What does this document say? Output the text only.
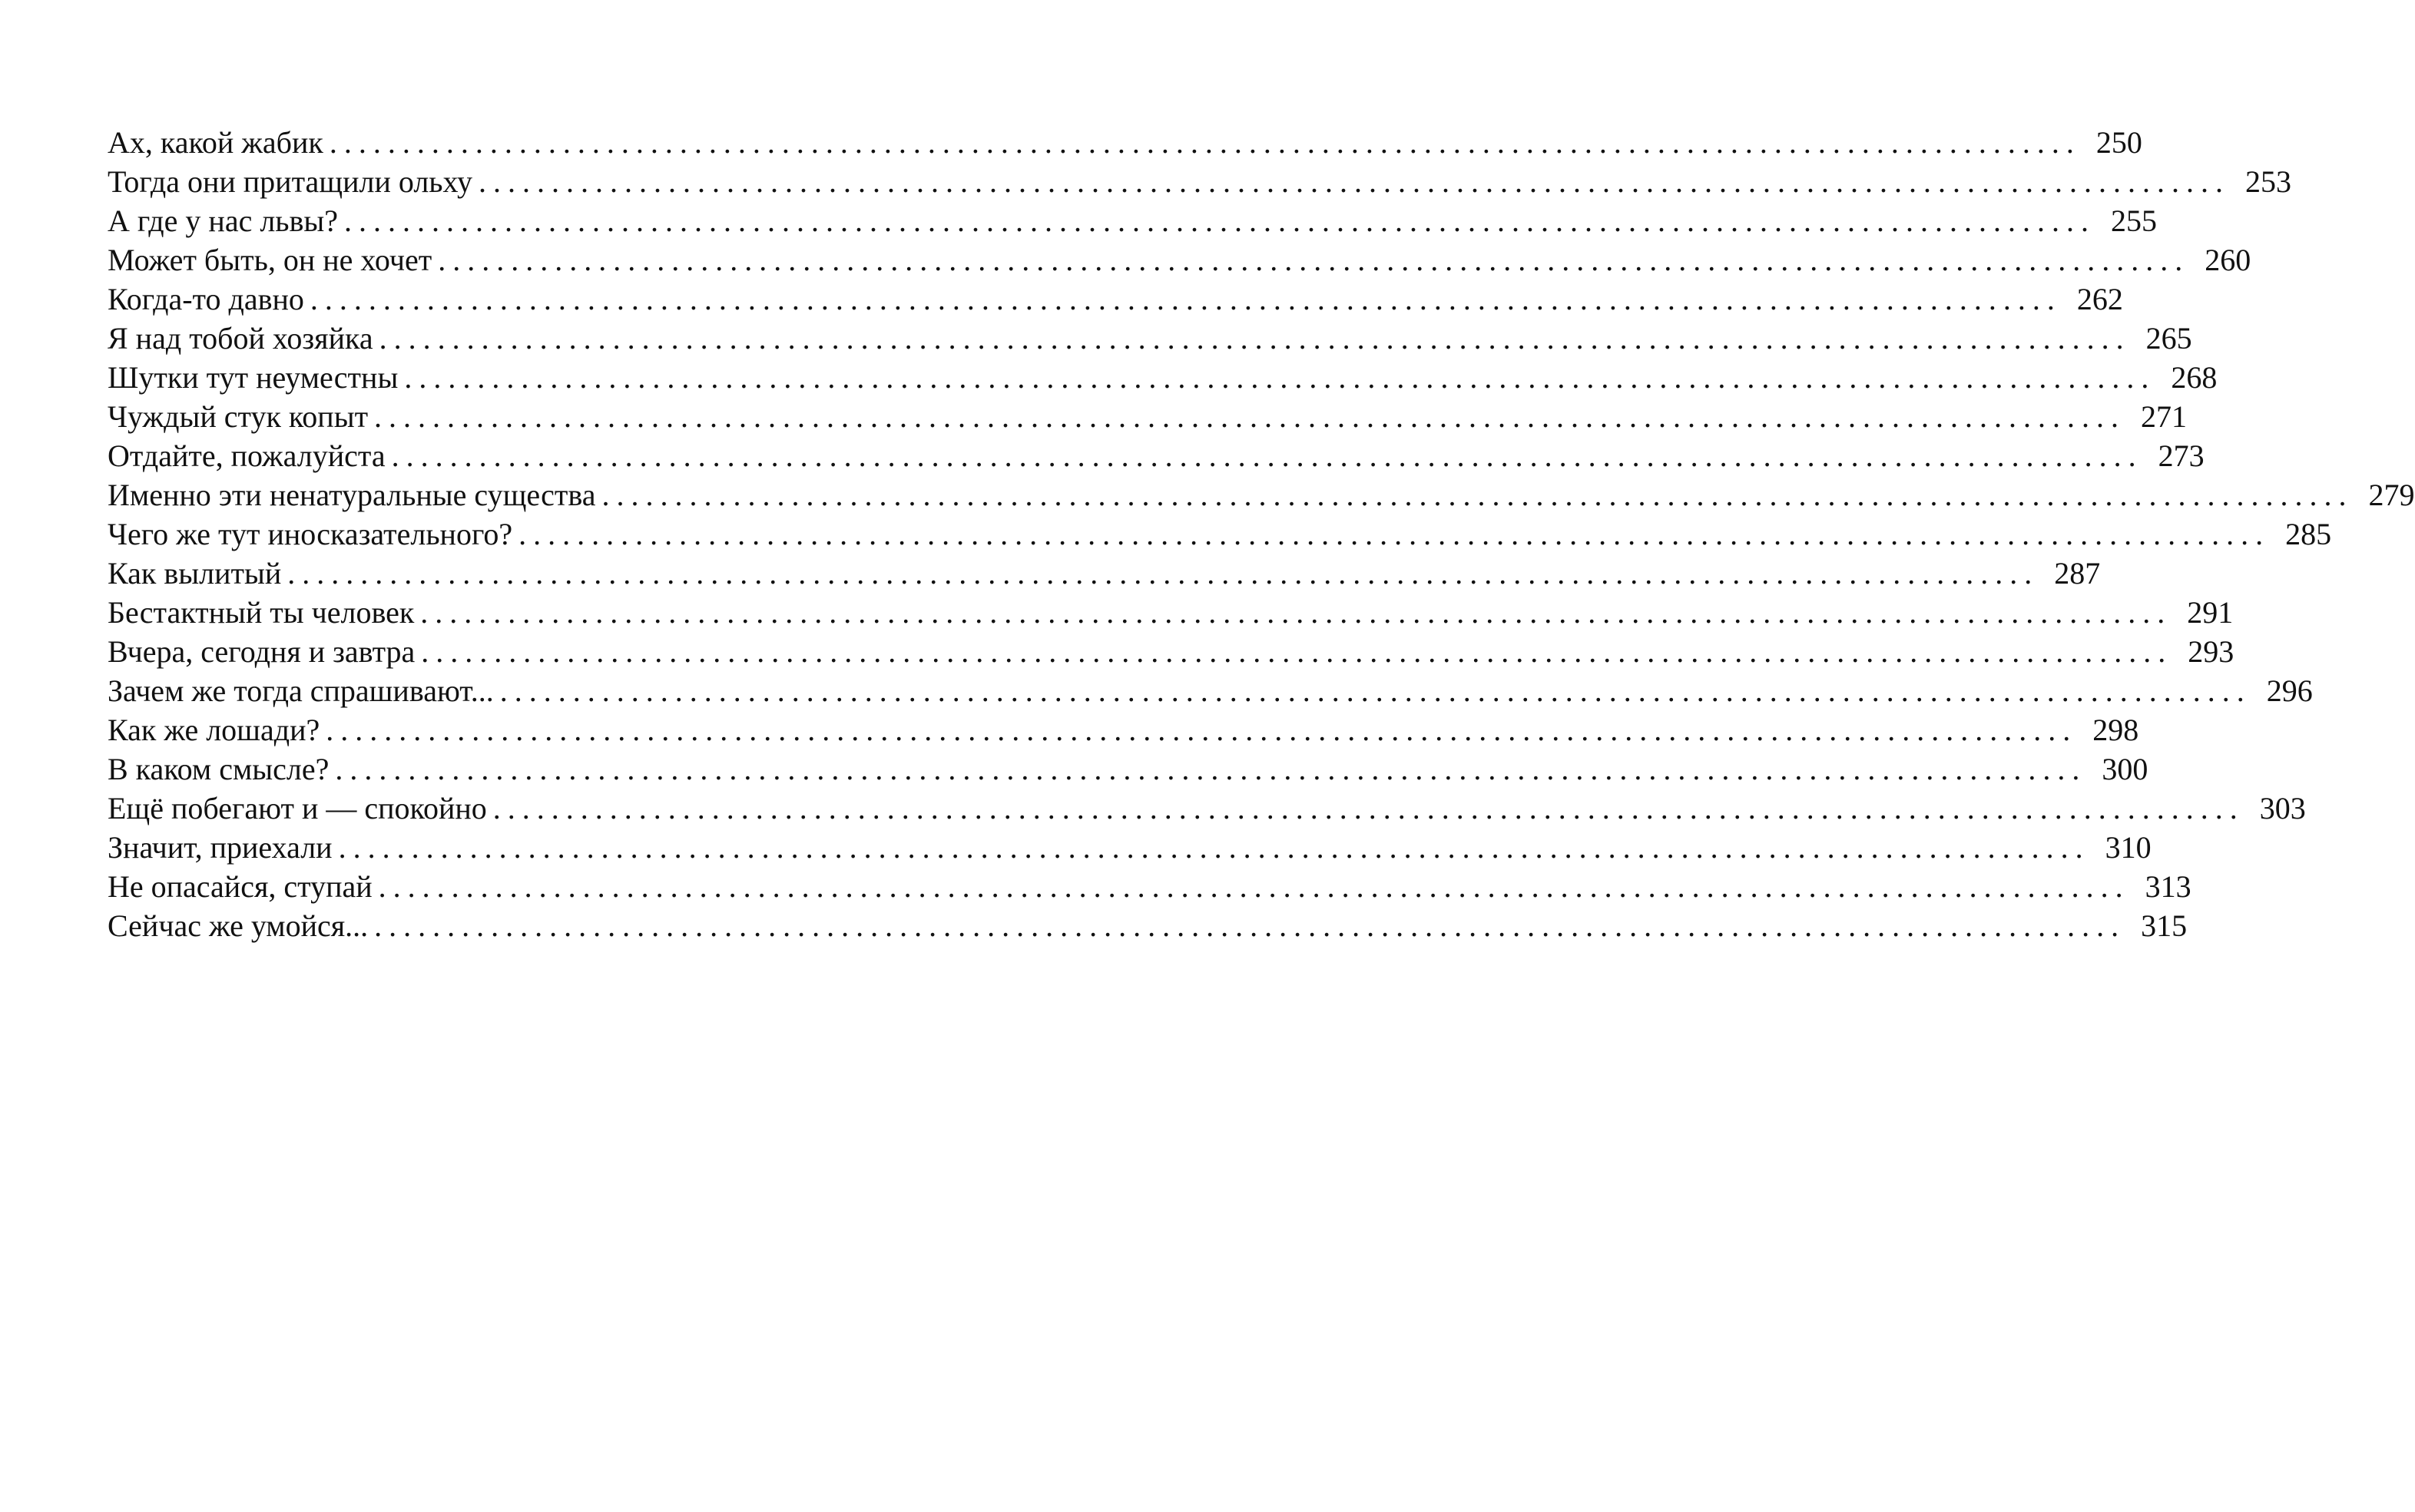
Ах, какой жабик ........................................................................................................................ 250
Тогда они притащили ольху ........................................................................................................................ 253
А где у нас львы? ........................................................................................................................ 255
Может быть, он не хочет ........................................................................................................................ 260
Когда-то давно ........................................................................................................................ 262
Я над тобой хозяйка ........................................................................................................................ 265
Шутки тут неуместны ........................................................................................................................ 268
Чуждый стук копыт ........................................................................................................................ 271
Отдайте, пожалуйста ........................................................................................................................ 273
Именно эти ненатуральные существа ........................................................................................................................ 279
Чего же тут иносказательного? ........................................................................................................................ 285
Как вылитый ........................................................................................................................ 287
Бестактный ты человек ........................................................................................................................ 291
Вчера, сегодня и завтра ........................................................................................................................ 293
Зачем же тогда спрашивают... ........................................................................................................................ 296
Как же лошади? ........................................................................................................................ 298
В каком смысле? ........................................................................................................................ 300
Ещё побегают и — спокойно ........................................................................................................................ 303
Значит, приехали ........................................................................................................................ 310
Не опасайся, ступай ........................................................................................................................ 313
Сейчас же умойся... ........................................................................................................................ 315
